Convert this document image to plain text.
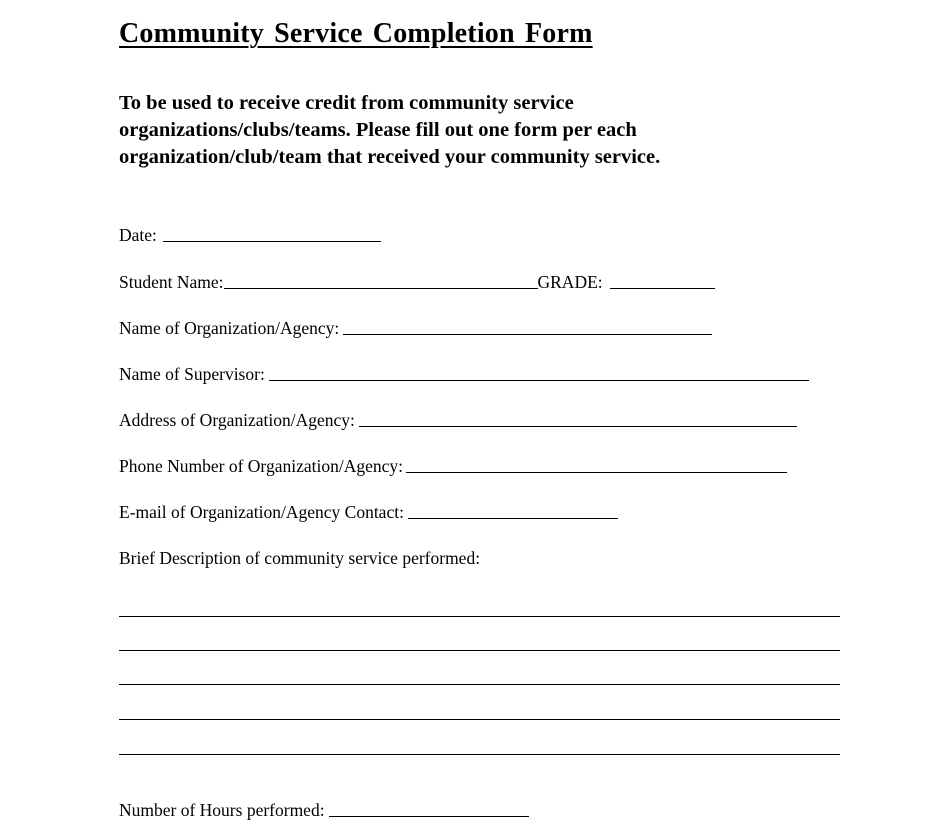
Community Service Completion Form
To be used to receive credit from community service
organizations/clubs/teams. Please fill out one form per each
organization/club/team that received your community service.
Date:
Student Name:	GRADE:
Name of Organization/Agency:
Name of Supervisor:
Address of Organization/Agency:
Phone Number of Organization/Agency:
E-mail of Organization/Agency Contact:
Brief Description of community service performed:
Number of Hours performed:
